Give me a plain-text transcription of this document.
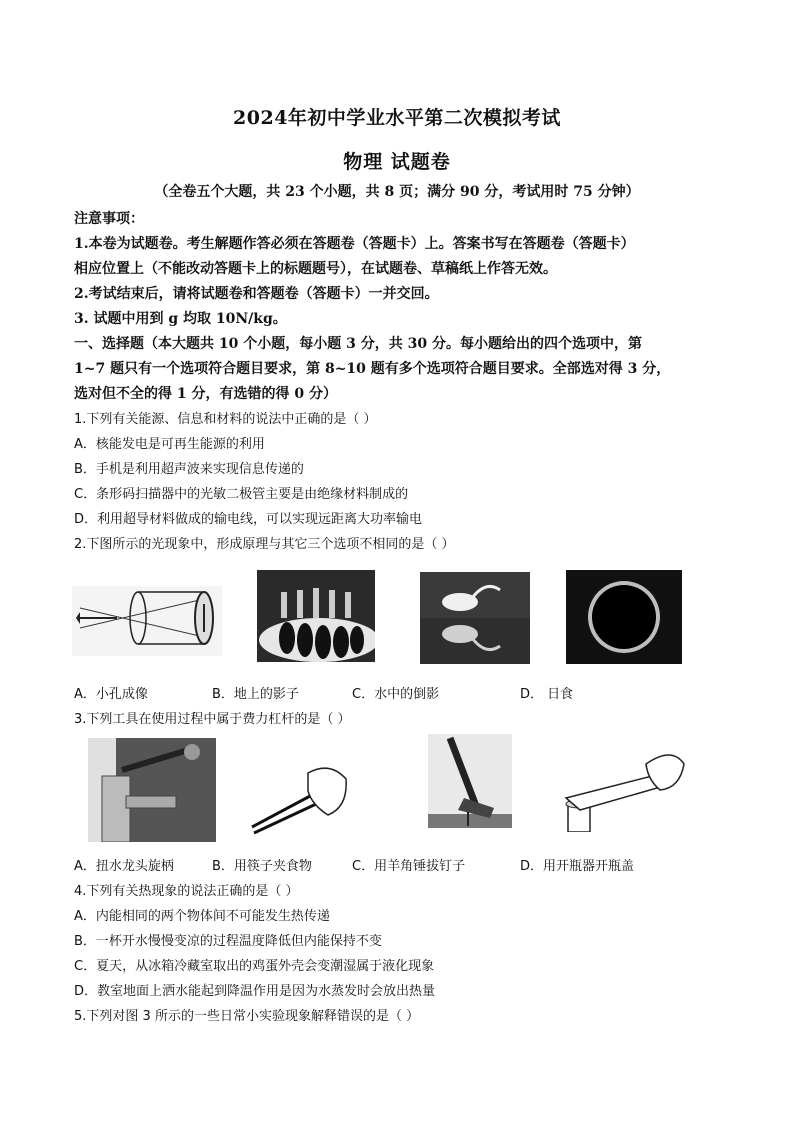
2024年初中学业水平第二次模拟考试
物理 试题卷
（全卷五个大题，共 23 个小题，共 8 页；满分 90 分，考试用时 75 分钟）
注意事项：
1.本卷为试题卷。考生解题作答必须在答题卷（答题卡）上。答案书写在答题卷（答题卡）
相应位置上（不能改动答题卡上的标题题号），在试题卷、草稿纸上作答无效。
2.考试结束后，请将试题卷和答题卷（答题卡）一并交回。
3. 试题中用到 g 均取 10N/kg。
一、选择题（本大题共 10 个小题，每小题 3 分，共 30 分。每小题给出的四个选项中，第
1~7 题只有一个选项符合题目要求，第 8~10 题有多个选项符合题目要求。全部选对得 3 分，
选对但不全的得 1 分，有选错的得 0 分）
1.下列有关能源、信息和材料的说法中正确的是（ ）
A．核能发电是可再生能源的利用
B．手机是利用超声波来实现信息传递的
C．条形码扫描器中的光敏二极管主要是由绝缘材料制成的
D．利用超导材料做成的输电线，可以实现远距离大功率输电
2.下图所示的光现象中，形成原理与其它三个选项不相同的是（ ）
A．小孔成像	B．地上的影子	C．水中的倒影	D． 日食
3.下列工具在使用过程中属于费力杠杆的是（ ）
A．扭水龙头旋柄	B．用筷子夹食物	C．用羊角锤拔钉子	D．用开瓶器开瓶盖
4.下列有关热现象的说法正确的是（ ）
A．内能相同的两个物体间不可能发生热传递
B．一杯开水慢慢变凉的过程温度降低但内能保持不变
C．夏天，从冰箱冷藏室取出的鸡蛋外壳会变潮湿属于液化现象
D．教室地面上洒水能起到降温作用是因为水蒸发时会放出热量
5.下列对图 3 所示的一些日常小实验现象解释错误的是（ ）
